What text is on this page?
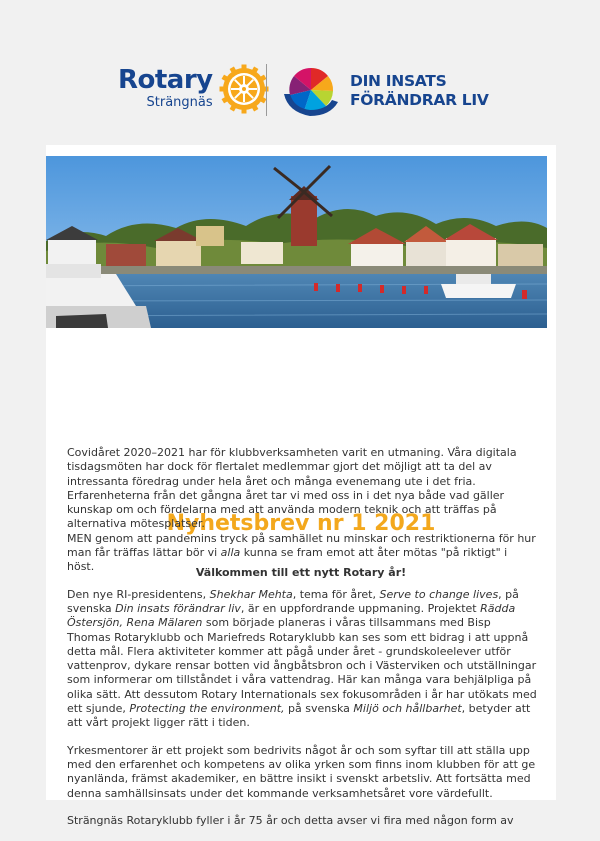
Rotary
Strängnäs
DIN INSATS
FÖRÄNDRAR LIV
Nyhetsbrev nr 1 2021
Välkommen till ett nytt Rotary år!

Covidåret 2020–2021 har för klubbverksamheten varit en utmaning. Våra digitala tisdagsmöten har dock för flertalet medlemmar gjort det möjligt att ta del av intressanta föredrag under hela året och många evenemang ute i det fria. Erfarenheterna från det gångna året tar vi med oss in i det nya både vad gäller kunskap om och fördelarna med att använda modern teknik och att träffas på alternativa mötesplatser.
MEN genom att pandemins tryck på samhället nu minskar och restriktionerna för hur man får träffas lättar bör vi alla kunna se fram emot att åter mötas "på riktigt" i höst.

Den nye RI-presidentens, Shekhar Mehta, tema för året, Serve to change lives, på svenska Din insats förändrar liv, är en uppfordrande uppmaning. Projektet Rädda Östersjön, Rena Mälaren som började planeras i våras tillsammans med Bisp Thomas Rotaryklubb och Mariefreds Rotaryklubb kan ses som ett bidrag i att uppnå detta mål. Flera aktiviteter kommer att pågå under året - grundskoleelever utför vattenprov, dykare rensar botten vid ångbåtsbron och i Västerviken och utställningar som informerar om tillståndet i våra vattendrag. Här kan många vara behjälpliga på olika sätt. Att dessutom Rotary Internationals sex fokusområden i år har utökats med ett sjunde, Protecting the environment, på svenska Miljö och hållbarhet, betyder att att vårt projekt ligger rätt i tiden.

Yrkesmentorer är ett projekt som bedrivits något år och som syftar till att ställa upp med den erfarenhet och kompetens av olika yrken som finns inom klubben för att ge nyanlända, främst akademiker, en bättre insikt i svenskt arbetsliv. Att fortsätta med denna samhällsinsats under det kommande verksamhetsåret vore värdefullt.

Strängnäs Rotaryklubb fyller i år 75 år och detta avser vi fira med någon form av
